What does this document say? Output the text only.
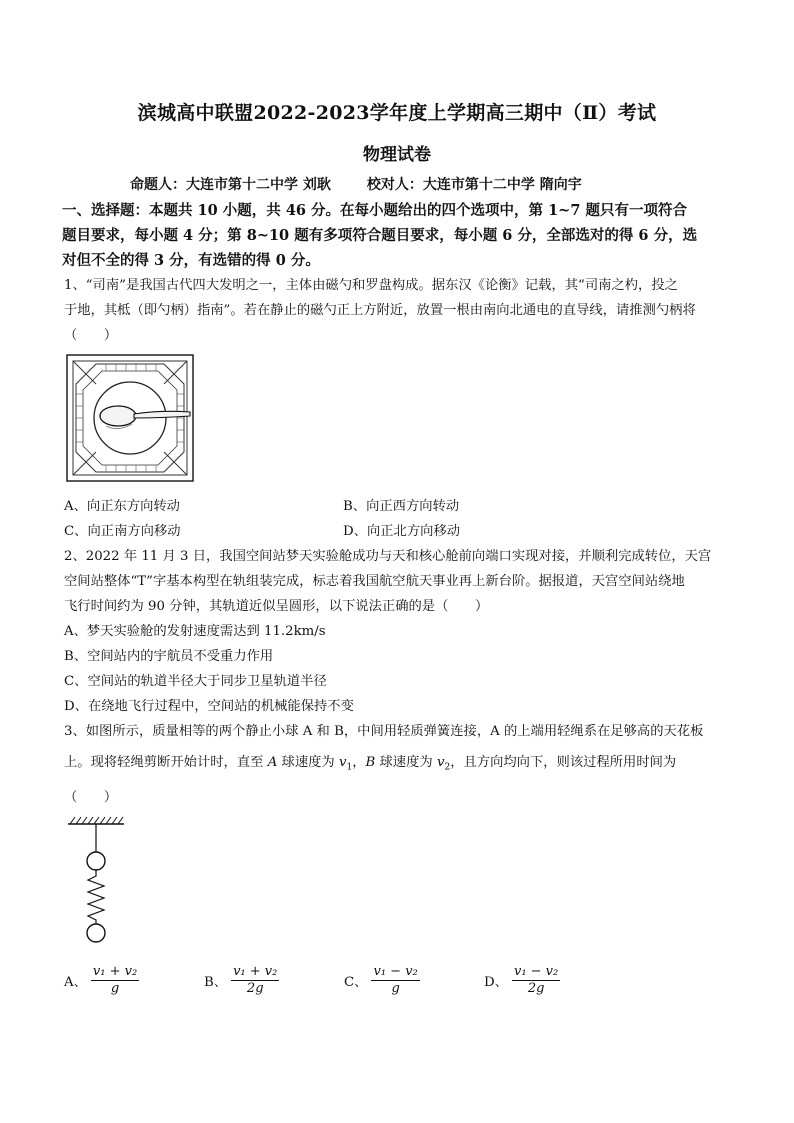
滨城高中联盟2022-2023学年度上学期高三期中（Ⅱ）考试
物理试卷
命题人：大连市第十二中学 刘耿	校对人：大连市第十二中学 隋向宇
一、选择题：本题共 10 小题，共 46 分。在每小题给出的四个选项中，第 1~7 题只有一项符合
题目要求，每小题 4 分；第 8~10 题有多项符合题目要求，每小题 6 分，全部选对的得 6 分，选
对但不全的得 3 分，有选错的得 0 分。
1、“司南”是我国古代四大发明之一，主体由磁勺和罗盘构成。据东汉《论衡》记载，其“司南之杓，投之
于地，其柢（即勺柄）指南”。若在静止的磁勺正上方附近，放置一根由南向北通电的直导线，请推测勺柄将
（　　）
A、向正东方向转动	B、向正西方向转动
C、向正南方向移动	D、向正北方向移动
2、2022 年 11 月 3 日，我国空间站梦天实验舱成功与天和核心舱前向端口实现对接，并顺利完成转位，天宫
空间站整体“T”字基本构型在轨组装完成，标志着我国航空航天事业再上新台阶。据报道，天宫空间站绕地
飞行时间约为 90 分钟，其轨道近似呈圆形，以下说法正确的是（　　）
A、梦天实验舱的发射速度需达到 11.2km/s
B、空间站内的宇航员不受重力作用
C、空间站的轨道半径大于同步卫星轨道半径
D、在绕地飞行过程中，空间站的机械能保持不变
3、如图所示，质量相等的两个静止小球 A 和 B，中间用轻质弹簧连接，A 的上端用轻绳系在足够高的天花板
上。现将轻绳剪断开始计时，直至 A 球速度为 $v_1$，B 球速度为 $v_2$，且方向均向下，则该过程所用时间为
（　　）
A、 $\frac{\text{v₁ + v₂}}{g}$	B、 $\frac{\text{v₁ + v₂}}{2g}$	C、 $\frac{\text{v₁ − v₂}}{g}$	D、 $\frac{\text{v₁ − v₂}}{2g}$
